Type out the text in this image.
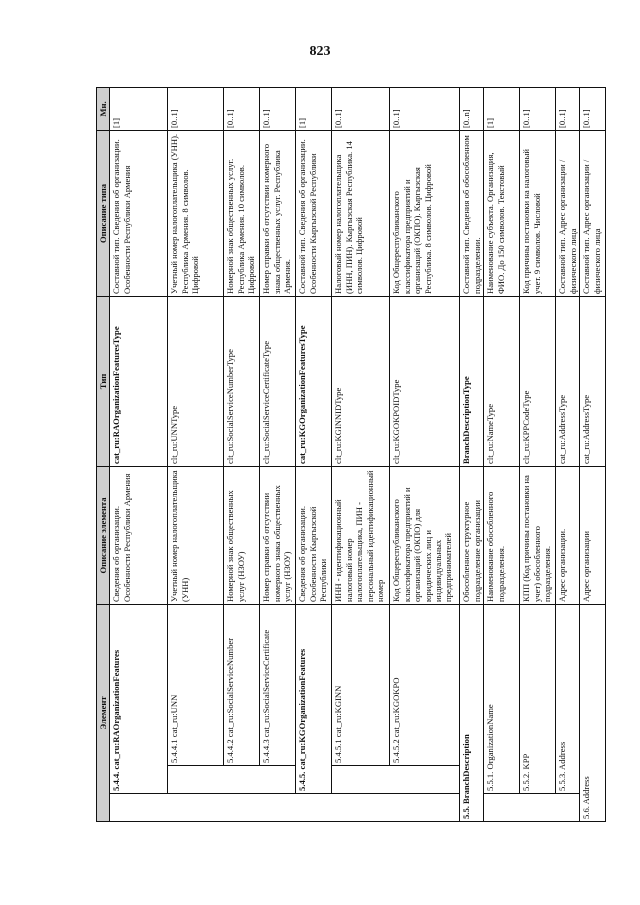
823
Элемент			Описание элемента	Тип	Описание типа	Мн.
	5.4.4. cat_ru:RAOrganizationFeatures		Сведения об организации. Особенности Республики Армения	cat_ru:RAOrganizationFeaturesType	Составной тип. Сведения об организации. Особенности Республики Армения	[1]
		5.4.4.1 cat_ru:UNN	Учетный номер налогоплательщика (УНН)	clt_ru:UNNType	Учетный номер налогоплательщика (УНН). Республика Армения. 8 символов. Цифровой	[0..1]
		5.4.4.2 cat_ru:SocialServiceNumber	Номерной знак общественных услуг (НЗОУ)	clt_ru:SocialServiceNumberType	Номерной знак общественных услуг. Республика Армения. 10 символов. Цифровой	[0..1]
		5.4.4.3 cat_ru:SocialServiceCertificate	Номер справки об отсутствии номерного знака общественных услуг (НЗОУ)	clt_ru:SocialServiceCertificateType	Номер справки об отсутствии номерного знака общественных услуг. Республика Армения.	[0..1]
	5.4.5. cat_ru:KGOrganizationFeatures		Сведения об организации. Особенности Кыргызской Республики	cat_ru:KGOrganizationFeaturesType	Составной тип. Сведения об организации. Особенности Кыргызской Республики	[1]
		5.4.5.1 cat_ru:KGINN	ИНН - идентификационный налоговый номер налогоплательщика, ПИН - персональный идентификационный номер	clt_ru:KGINNIDType	Налоговый номер налогоплательщика (ИНН, ПИН). Кыргызская Республика. 14 символов. Цифровой	[0..1]
		5.4.5.2 cat_ru:KGOKPO	Код Общереспубликанского классификатора предприятий и организаций (ОКПО) для юридических лиц и индивидуальных предпринимателей	clt_ru:KGOKPOIDType	Код Общереспубликанского классификатора предприятий и организаций (ОКПО). Кыргызская Республика. 8 символов. Цифровой	[0..1]
5.5. BranchDescription			Обособленное структурное подразделение организации	BranchDescriptionType	Составной тип. Сведения об обособленном подразделении.	[0..n]
	5.5.1. OrganizationName		Наименование обособленного подразделения.	clt_ru:NameType	Наименование субъекта. Организация, ФИО. До 150 символов. Текстовый	[1]
	5.5.2. KPP		КПП (Код причины постановки на учет) обособленного подразделения.	clt_ru:KPPCodeType	Код причины постановки на налоговый учет. 9 символов. Числовой	[0..1]
	5.5.3. Address		Адрес организации.	cat_ru:AddressType	Составной тип. Адрес организации / физического лица	[0..1]
5.6. Address			Адрес организации	cat_ru:AddressType	Составной тип. Адрес организации / физического лица	[0..1]
